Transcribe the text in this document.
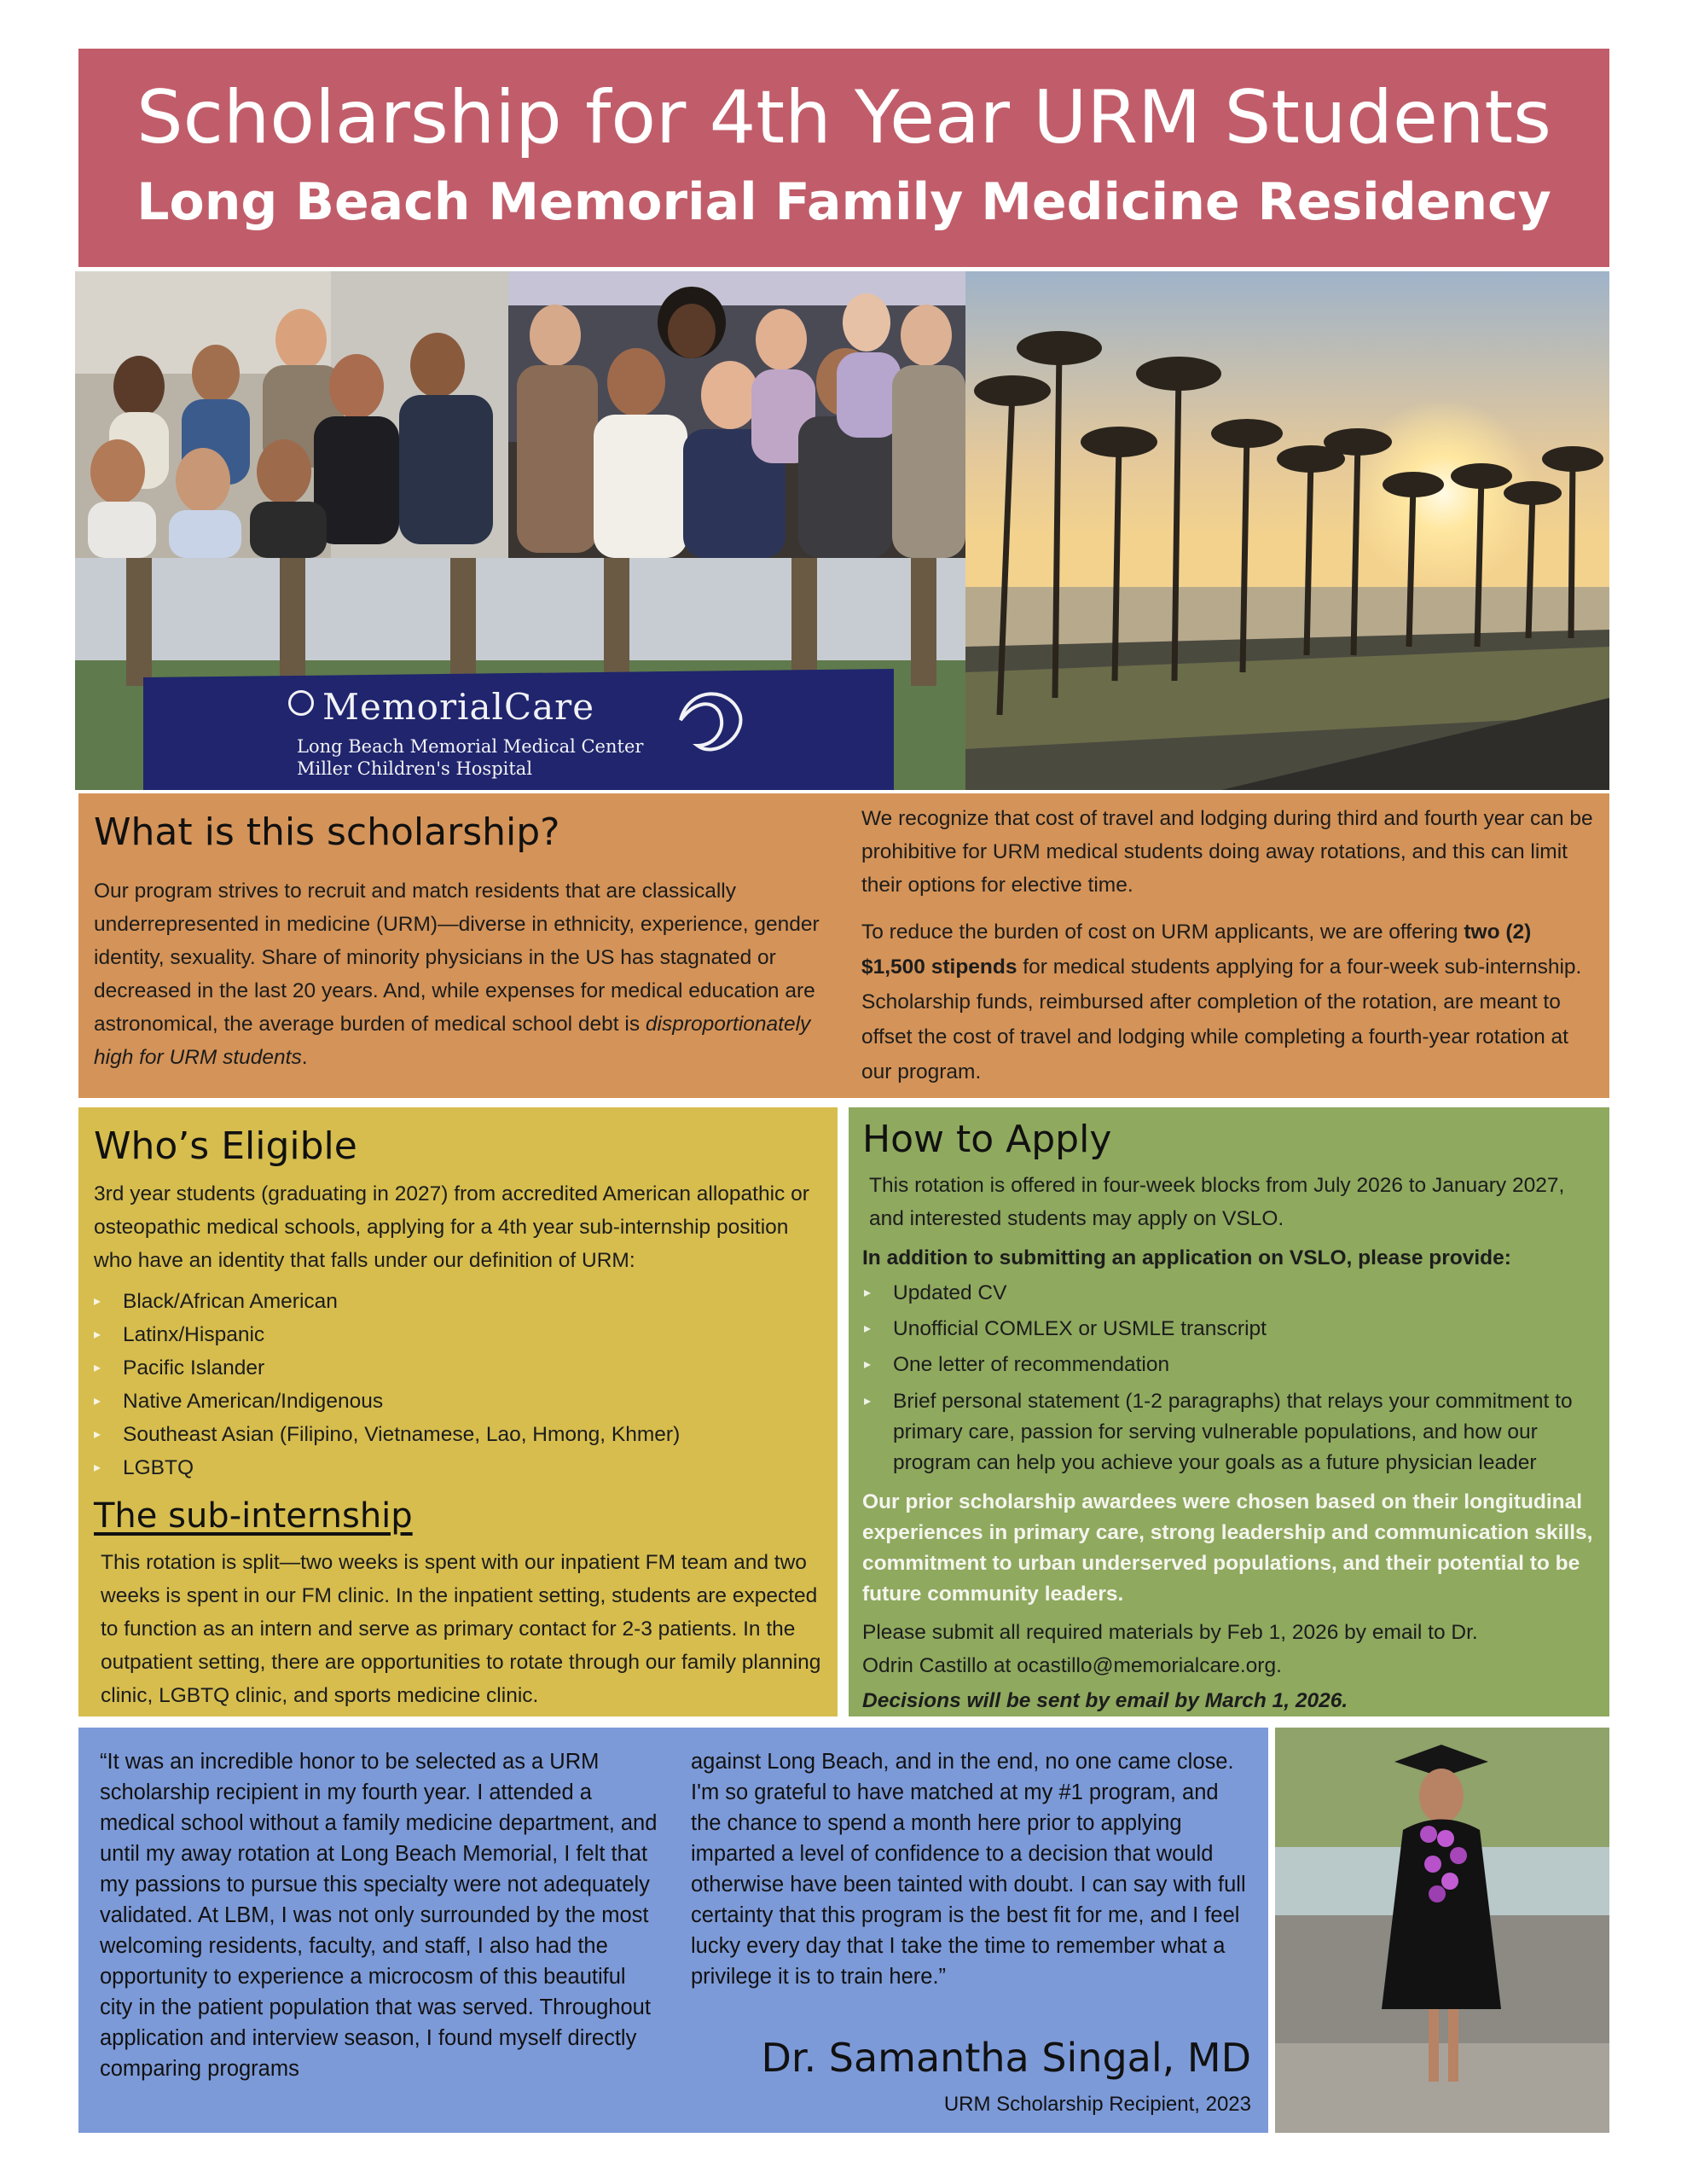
Scholarship for 4th Year URM Students
Long Beach Memorial Family Medicine Residency
MemorialCare
Long Beach Memorial Medical Center
Miller Children's Hospital
What is this scholarship?

Our program strives to recruit and match residents that are classically underrepresented in medicine (URM)—diverse in ethnicity, experience, gender identity, sexuality. Share of minority physicians in the US has stagnated or decreased in the last 20 years. And, while expenses for medical education are astronomical, the average burden of medical school debt is disproportionately high for URM students.

We recognize that cost of travel and lodging during third and fourth year can be prohibitive for URM medical students doing away rotations, and this can limit their options for elective time.

To reduce the burden of cost on URM applicants, we are offering two (2) $1,500 stipends for medical students applying for a four-week sub-internship. Scholarship funds, reimbursed after completion of the rotation, are meant to offset the cost of travel and lodging while completing a fourth-year rotation at our program.

Who’s Eligible

3rd year students (graduating in 2027) from accredited American allopathic or osteopathic medical schools, applying for a 4th year sub-internship position who have an identity that falls under our definition of URM:

▸ Black/African American
▸ Latinx/Hispanic
▸ Pacific Islander
▸ Native American/Indigenous
▸ Southeast Asian (Filipino, Vietnamese, Lao, Hmong, Khmer)
▸ LGBTQ
The sub-internship

This rotation is split—two weeks is spent with our inpatient FM team and two weeks is spent in our FM clinic. In the inpatient setting, students are expected to function as an intern and serve as primary contact for 2-3 patients. In the outpatient setting, there are opportunities to rotate through our family planning clinic, LGBTQ clinic, and sports medicine clinic.

How to Apply

This rotation is offered in four-week blocks from July 2026 to January 2027, and interested students may apply on VSLO.

In addition to submitting an application on VSLO, please provide:

▸ Updated CV
▸ Unofficial COMLEX or USMLE transcript
▸ One letter of recommendation
▸ Brief personal statement (1-2 paragraphs) that relays your commitment to primary care, passion for serving vulnerable populations, and how our program can help you achieve your goals as a future physician leader

Our prior scholarship awardees were chosen based on their longitudinal experiences in primary care, strong leadership and communication skills, commitment to urban underserved populations, and their potential to be future community leaders.

Please submit all required materials by Feb 1, 2026 by email to Dr. Odrin Castillo at ocastillo@memorialcare.org.

Decisions will be sent by email by March 1, 2026.

“It was an incredible honor to be selected as a URM scholarship recipient in my fourth year. I attended a medical school without a family medicine department, and until my away rotation at Long Beach Memorial, I felt that my passions to pursue this specialty were not adequately validated. At LBM, I was not only surrounded by the most welcoming residents, faculty, and staff, I also had the opportunity to experience a microcosm of this beautiful city in the patient population that was served. Throughout application and interview season, I found myself directly comparing programs

against Long Beach, and in the end, no one came close. I'm so grateful to have matched at my #1 program, and the chance to spend a month here prior to applying imparted a level of confidence to a decision that would otherwise have been tainted with doubt. I can say with full certainty that this program is the best fit for me, and I feel lucky every day that I take the time to remember what a privilege it is to train here.”

Dr. Samantha Singal, MD
URM Scholarship Recipient, 2023
